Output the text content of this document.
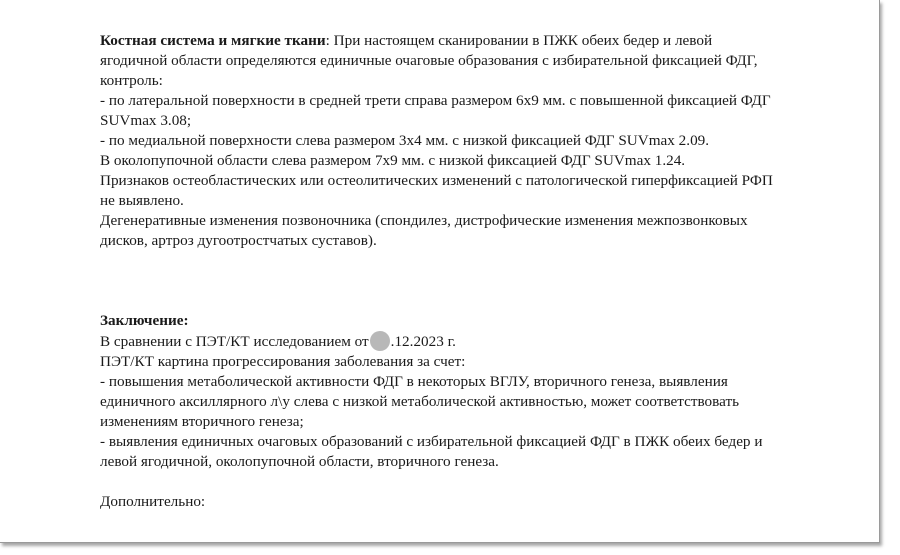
Костная система и мягкие ткани: При настоящем сканировании в ПЖК обеих бедер и левой
ягодичной области определяются единичные очаговые образования с избирательной фиксацией ФДГ,
контроль:
- по латеральной поверхности в средней трети справа размером 6х9 мм. с повышенной фиксацией ФДГ
SUVmax 3.08;
- по медиальной поверхности слева размером 3х4 мм. с низкой фиксацией ФДГ SUVmax 2.09.
В околопупочной области слева размером 7х9 мм. с низкой фиксацией ФДГ SUVmax 1.24.
Признаков остеобластических или остеолитических изменений с патологической гиперфиксацией РФП
не выявлено.
Дегенеративные изменения позвоночника (спондилез, дистрофические изменения межпозвонковых
дисков, артроз дугоотростчатых суставов).
Заключение:
В сравнении с ПЭТ/КТ исследованием от .12.2023 г.
ПЭТ/КТ картина прогрессирования заболевания за счет:
- повышения метаболической активности ФДГ в некоторых ВГЛУ, вторичного генеза, выявления
единичного аксиллярного л\у слева с низкой метаболической активностью, может соответствовать
изменениям вторичного генеза;
- выявления единичных очаговых образований с избирательной фиксацией ФДГ в ПЖК обеих бедер и
левой ягодичной, околопупочной области, вторичного генеза.
Дополнительно:
